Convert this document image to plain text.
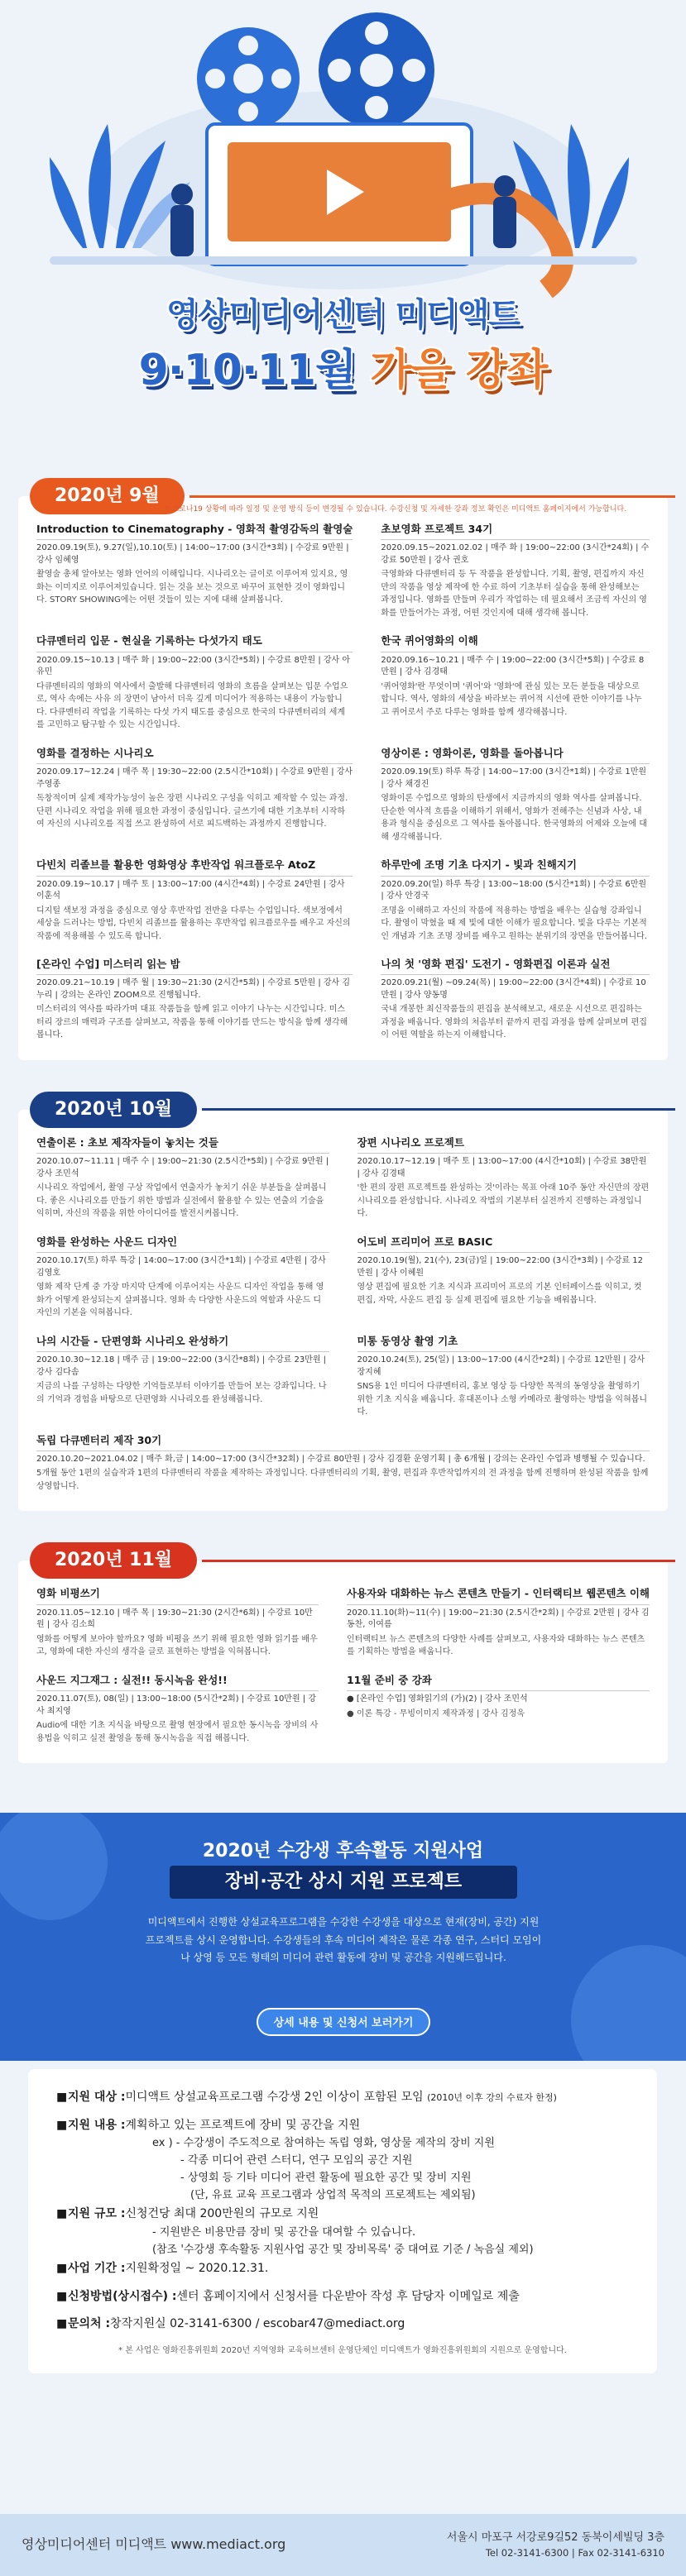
영상미디어센터 미디액트
9·10·11월 가을 강좌
2020년 9월
* 코로나19 상황에 따라 일정 및 운영 방식 등이 변경될 수 있습니다. 수강신청 및 자세한 강좌 정보 확인은 미디액트 홈페이지에서 가능합니다.
Introduction to Cinematography - 영화적 촬영감독의 촬영술
2020.09.19(토), 9.27(일),10.10(토) | 14:00~17:00 (3시간*3회) | 수강료 9만원 | 강사 임혜영
촬영술 총체 알아보는 영화 언어의 이해입니다. 시나리오는 글이로 이루어져 있지요, 영화는 이미지로 이루어져있습니다. 읽는 것을 보는 것으로 바꾸어 표현한 것이 영화입니다. STORY SHOWING에는 어떤 것들이 있는 지에 대해 살펴봅니다.
초보영화 프로젝트 34기
2020.09.15~2021.02.02 | 매주 화 | 19:00~22:00 (3시간*24회) | 수강료 50만원 | 강사 권호
극영화와 다큐멘터리 등 두 작품을 완성합니다. 기획, 촬영, 편집까지 자신만의 작품을 영상 제작에 한 수료 하여 기초부터 실습을 통해 완성해보는 과정입니다. 영화를 만들며 우리가 작업하는 데 필요해서 조금씩 자신의 영화를 만들어가는 과정, 어떤 것인지에 대해 생각해 봅니다.
다큐멘터리 입문 - 현실을 기록하는 다섯가지 태도
2020.09.15~10.13 | 매주 화 | 19:00~22:00 (3시간*5회) | 수강료 8만원 | 강사 아유민
다큐멘터리의 영화의 역사에서 출발해 다큐멘터리 영화의 흐름을 살펴보는 입문 수업으로, 역사 속에는 사유 의 장면이 남아서 더욱 깊게 미디어가 적용하는 내용이 가능합니다. 다큐멘터리 작업을 기록하는 다섯 가지 태도를 중심으로 한국의 다큐멘터리의 세계를 고민하고 탐구할 수 있는 시간입니다.
한국 퀴어영화의 이해
2020.09.16~10.21 | 매주 수 | 19:00~22:00 (3시간*5회) | 수강료 8만원 | 강사 김경태
'퀴어영화'란 무엇이며 '퀴어'와 '영화'에 관심 있는 모든 분들을 대상으로 합니다. 역사, 영화의 세상을 바라보는 퀴어적 시선에 관한 이야기를 나누고 퀴어로서 주로 다루는 영화를 함께 생각해봅니다.
영화를 결정하는 시나리오
2020.09.17~12.24 | 매주 목 | 19:30~22:00 (2.5시간*10회) | 수강료 9만원 | 강사 주영종
독창적이며 실제 제작가능성이 높은 장편 시나리오 구성을 익히고 제작할 수 있는 과정. 단편 시나리오 작업을 위해 필요한 과정이 중심입니다. 글쓰기에 대한 기초부터 시작하여 자신의 시나리오를 직접 쓰고 완성하여 서로 피드백하는 과정까지 진행합니다.
영상이론 : 영화이론, 영화를 돌아봅니다
2020.09.19(토) 하루 특강 | 14:00~17:00 (3시간*1회) | 수강료 1만원 | 강사 채경진
영화이론 수업으로 영화의 탄생에서 지금까지의 영화 역사를 살펴봅니다. 단순한 역사적 흐름을 이해하기 위해서, 영화가 전해주는 신념과 사상, 내용과 형식을 중심으로 그 역사를 돌아봅니다. 한국영화의 어제와 오늘에 대해 생각해봅니다.
다빈치 리졸브를 활용한 영화영상 후반작업 워크플로우 AtoZ
2020.09.19~10.17 | 매주 토 | 13:00~17:00 (4시간*4회) | 수강료 24만원 | 강사 이훈석
디지털 색보정 과정을 중심으로 영상 후반작업 전반을 다루는 수업입니다. 색보정에서 세상을 드러나는 방법, 다빈치 리졸브를 활용하는 후반작업 워크플로우를 배우고 자신의 작품에 적용해볼 수 있도록 합니다.
하루만에 조명 기초 다지기 - 빛과 친해지기
2020.09.20(일) 하루 특강 | 13:00~18:00 (5시간*1회) | 수강료 6만원 | 강사 안경국
조명을 이해하고 자신의 작품에 적용하는 방법을 배우는 실습형 강좌입니다. 촬영이 막혔을 때 제 빛에 대한 이해가 필요합니다. 빛을 다루는 기본적인 개념과 기초 조명 장비를 배우고 원하는 분위기의 장면을 만들어봅니다.
[온라인 수업] 미스터리 읽는 밤
2020.09.21~10.19 | 매주 월 | 19:30~21:30 (2시간*5회) | 수강료 5만원 | 강사 김누리 | 강의는 온라인 ZOOM으로 진행됩니다.
미스터리의 역사를 따라가며 대표 작품들을 함께 읽고 이야기 나누는 시간입니다. 미스터리 장르의 매력과 구조를 살펴보고, 작품을 통해 이야기를 만드는 방식을 함께 생각해봅니다.
나의 첫 '영화 편집' 도전기 - 영화편집 이론과 실전
2020.09.21(월) ~09.24(목) | 19:00~22:00 (3시간*4회) | 수강료 10만원 | 강사 양동명
국내 개봉한 최신작품들의 편집을 분석해보고, 새로운 시선으로 편집하는 과정을 배웁니다. 영화의 처음부터 끝까지 편집 과정을 함께 살펴보며 편집이 어떤 역할을 하는지 이해합니다.
2020년 10월
연출이론 : 초보 제작자들이 놓치는 것들
2020.10.07~11.11 | 매주 수 | 19:00~21:30 (2.5시간*5회) | 수강료 9만원 | 강사 조민석
시나리오 작업에서, 촬영 구상 작업에서 연출자가 놓치기 쉬운 부분들을 살펴봅니다. 좋은 시나리오를 만들기 위한 방법과 실전에서 활용할 수 있는 연출의 기술을 익히며, 자신의 작품을 위한 아이디어를 발전시켜봅니다.
장편 시나리오 프로젝트
2020.10.17~12.19 | 매주 토 | 13:00~17:00 (4시간*10회) | 수강료 38만원 | 강사 김경태
'한 편의 장편 프로젝트를 완성하는 것'이라는 목표 아래 10주 동안 자신만의 장편 시나리오를 완성합니다. 시나리오 작법의 기본부터 실전까지 진행하는 과정입니다.
영화를 완성하는 사운드 디자인
2020.10.17(토) 하루 특강 | 14:00~17:00 (3시간*1회) | 수강료 4만원 | 강사 김영호
영화 제작 단계 중 가장 마지막 단계에 이루어지는 사운드 디자인 작업을 통해 영화가 어떻게 완성되는지 살펴봅니다. 영화 속 다양한 사운드의 역할과 사운드 디자인의 기본을 익혀봅니다.
어도비 프리미어 프로 BASIC
2020.10.19(월), 21(수), 23(금)일 | 19:00~22:00 (3시간*3회) | 수강료 12만원 | 강사 이혜원
영상 편집에 필요한 기초 지식과 프리미어 프로의 기본 인터페이스를 익히고, 컷 편집, 자막, 사운드 편집 등 실제 편집에 필요한 기능을 배워봅니다.
나의 시간들 - 단편영화 시나리오 완성하기
2020.10.30~12.18 | 매주 금 | 19:00~22:00 (3시간*8회) | 수강료 23만원 | 강사 김다솜
지금의 나를 구성하는 다양한 기억들로부터 이야기를 만들어 보는 강좌입니다. 나의 기억과 경험을 바탕으로 단편영화 시나리오를 완성해봅니다.
미통 동영상 촬영 기초
2020.10.24(토), 25(일) | 13:00~17:00 (4시간*2회) | 수강료 12만원 | 강사 장지혜
SNS용 1인 미디어 다큐멘터리, 홍보 영상 등 다양한 목적의 동영상을 촬영하기 위한 기초 지식을 배웁니다. 휴대폰이나 소형 카메라로 촬영하는 방법을 익혀봅니다.
독립 다큐멘터리 제작 30기
2020.10.20~2021.04.02 | 매주 화,금 | 14:00~17:00 (3시간*32회) | 수강료 80만원 | 강사 김경환 운영기획 | 총 6개월 | 강의는 온라인 수업과 병행될 수 있습니다.
5개월 동안 1편의 실습작과 1편의 다큐멘터리 작품을 제작하는 과정입니다. 다큐멘터리의 기획, 촬영, 편집과 후반작업까지의 전 과정을 함께 진행하며 완성된 작품을 함께 상영합니다.
2020년 11월
영화 비평쓰기
2020.11.05~12.10 | 매주 목 | 19:30~21:30 (2시간*6회) | 수강료 10만원 | 강사 김소희
영화를 어떻게 보아야 할까요? 영화 비평을 쓰기 위해 필요한 영화 읽기를 배우고, 영화에 대한 자신의 생각을 글로 표현하는 방법을 익혀봅니다.
사용자와 대화하는 뉴스 콘텐츠 만들기 - 인터랙티브 웹콘텐츠 이해
2020.11.10(화)~11(수) | 19:00~21:30 (2.5시간*2회) | 수강료 2만원 | 강사 김동찬, 이여름
인터랙티브 뉴스 콘텐츠의 다양한 사례를 살펴보고, 사용자와 대화하는 뉴스 콘텐츠를 기획하는 방법을 배웁니다.
사운드 지그재그 : 실전!! 동시녹음 완성!!
2020.11.07(토), 08(일) | 13:00~18:00 (5시간*2회) | 수강료 10만원 | 강사 최지영
Audio에 대한 기초 지식을 바탕으로 촬영 현장에서 필요한 동시녹음 장비의 사용법을 익히고 실전 촬영을 통해 동시녹음을 직접 해봅니다.
11월 준비 중 강좌
● [온라인 수업] 영화읽기의 (가)(2) | 강사 조민석
● 이론 특강 - 무빙이미지 제작과정 | 강사 김정욱
2020년 수강생 후속활동 지원사업
장비·공간 상시 지원 프로젝트
미디액트에서 진행한 상설교육프로그램을 수강한 수강생을 대상으로 현재(장비, 공간) 지원 프로젝트를 상시 운영합니다. 수강생들의 후속 미디어 제작은 물론 각종 연구, 스터디 모임이나 상영 등 모든 형태의 미디어 관련 활동에 장비 및 공간을 지원해드립니다.
상세 내용 및 신청서 보러가기
■ 지원 대상 : 미디액트 상설교육프로그램 수강생 2인 이상이 포함된 모임 (2010년 이후 강의 수료자 한정)
■ 지원 내용 : 계획하고 있는 프로젝트에 장비 및 공간을 지원
ex ) - 수강생이 주도적으로 참여하는 독립 영화, 영상물 제작의 장비 지원
- 각종 미디어 관련 스터디, 연구 모임의 공간 지원
- 상영회 등 기타 미디어 관련 활동에 필요한 공간 및 장비 지원
(단, 유료 교육 프로그램과 상업적 목적의 프로젝트는 제외됨)
■ 지원 규모 : 신청건당 최대 200만원의 규모로 지원
- 지원받은 비용만큼 장비 및 공간을 대여할 수 있습니다.
(참조 '수강생 후속활동 지원사업 공간 및 장비목록' 중 대여료 기준 / 녹음실 제외)
■ 사업 기간 : 지원확정일 ~ 2020.12.31.
■ 신청방법(상시접수) : 센터 홈페이지에서 신청서를 다운받아 작성 후 담당자 이메일로 제출
■ 문의처 : 창작지원실 02-3141-6300 / escobar47@mediact.org
* 본 사업은 영화진흥위원회 2020년 지역영화 교육허브센터 운영단체인 미디액트가 영화진흥위원회의 지원으로 운영합니다.
영상미디어센터 미디액트 www.mediact.org	서울시 마포구 서강로9길52 동북이세빌딩 3층
Tel 02-3141-6300 | Fax 02-3141-6310
